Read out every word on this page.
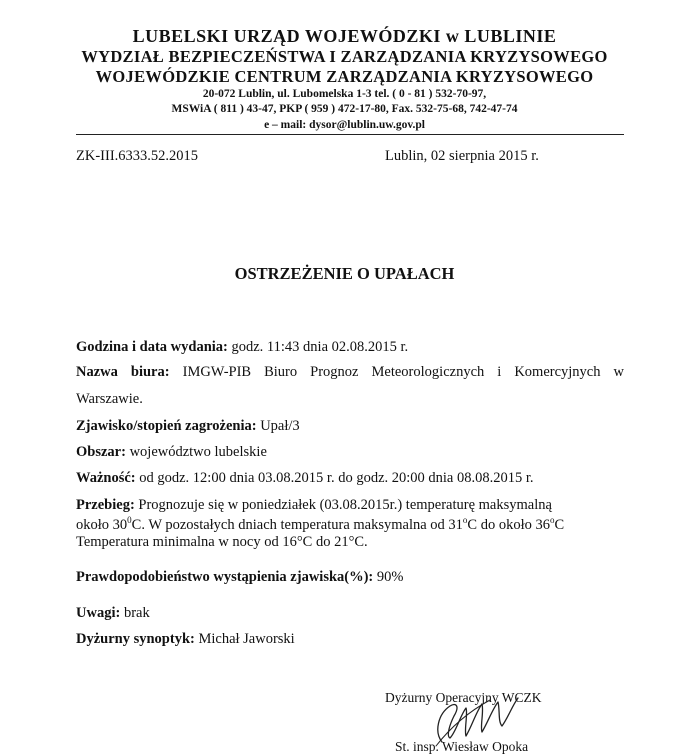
LUBELSKI URZĄD WOJEWÓDZKI w LUBLINIE
WYDZIAŁ BEZPIECZEŃSTWA I ZARZĄDZANIA KRYZYSOWEGO
WOJEWÓDZKIE CENTRUM ZARZĄDZANIA KRYZYSOWEGO
20-072 Lublin, ul. Lubomelska 1-3 tel. ( 0 - 81 ) 532-70-97,
MSWiA ( 811 ) 43-47, PKP ( 959 ) 472-17-80, Fax. 532-75-68, 742-47-74
e – mail: dysor@lublin.uw.gov.pl
ZK-III.6333.52.2015	Lublin, 02 sierpnia 2015 r.
OSTRZEŻENIE O UPAŁACH
Godzina i data wydania: godz. 11:43 dnia 02.08.2015 r.
Nazwa biura: IMGW-PIB Biuro Prognoz Meteorologicznych i Komercyjnych w
Warszawie.
Zjawisko/stopień zagrożenia: Upał/3
Obszar: województwo lubelskie
Ważność: od godz. 12:00 dnia 03.08.2015 r. do godz. 20:00 dnia 08.08.2015 r.
Przebieg: Prognozuje się w poniedziałek (03.08.2015r.) temperaturę maksymalną
około $30^0C$. W pozostałych dniach temperatura maksymalna od 31$^o$C do około 36$^o$C
Temperatura minimalna w nocy od 16°C do 21°C.
Prawdopodobieństwo wystąpienia zjawiska(%): 90%
Uwagi: brak
Dyżurny synoptyk: Michał Jaworski
Dyżurny Operacyjny WCZK
St. insp. Wiesław Opoka
